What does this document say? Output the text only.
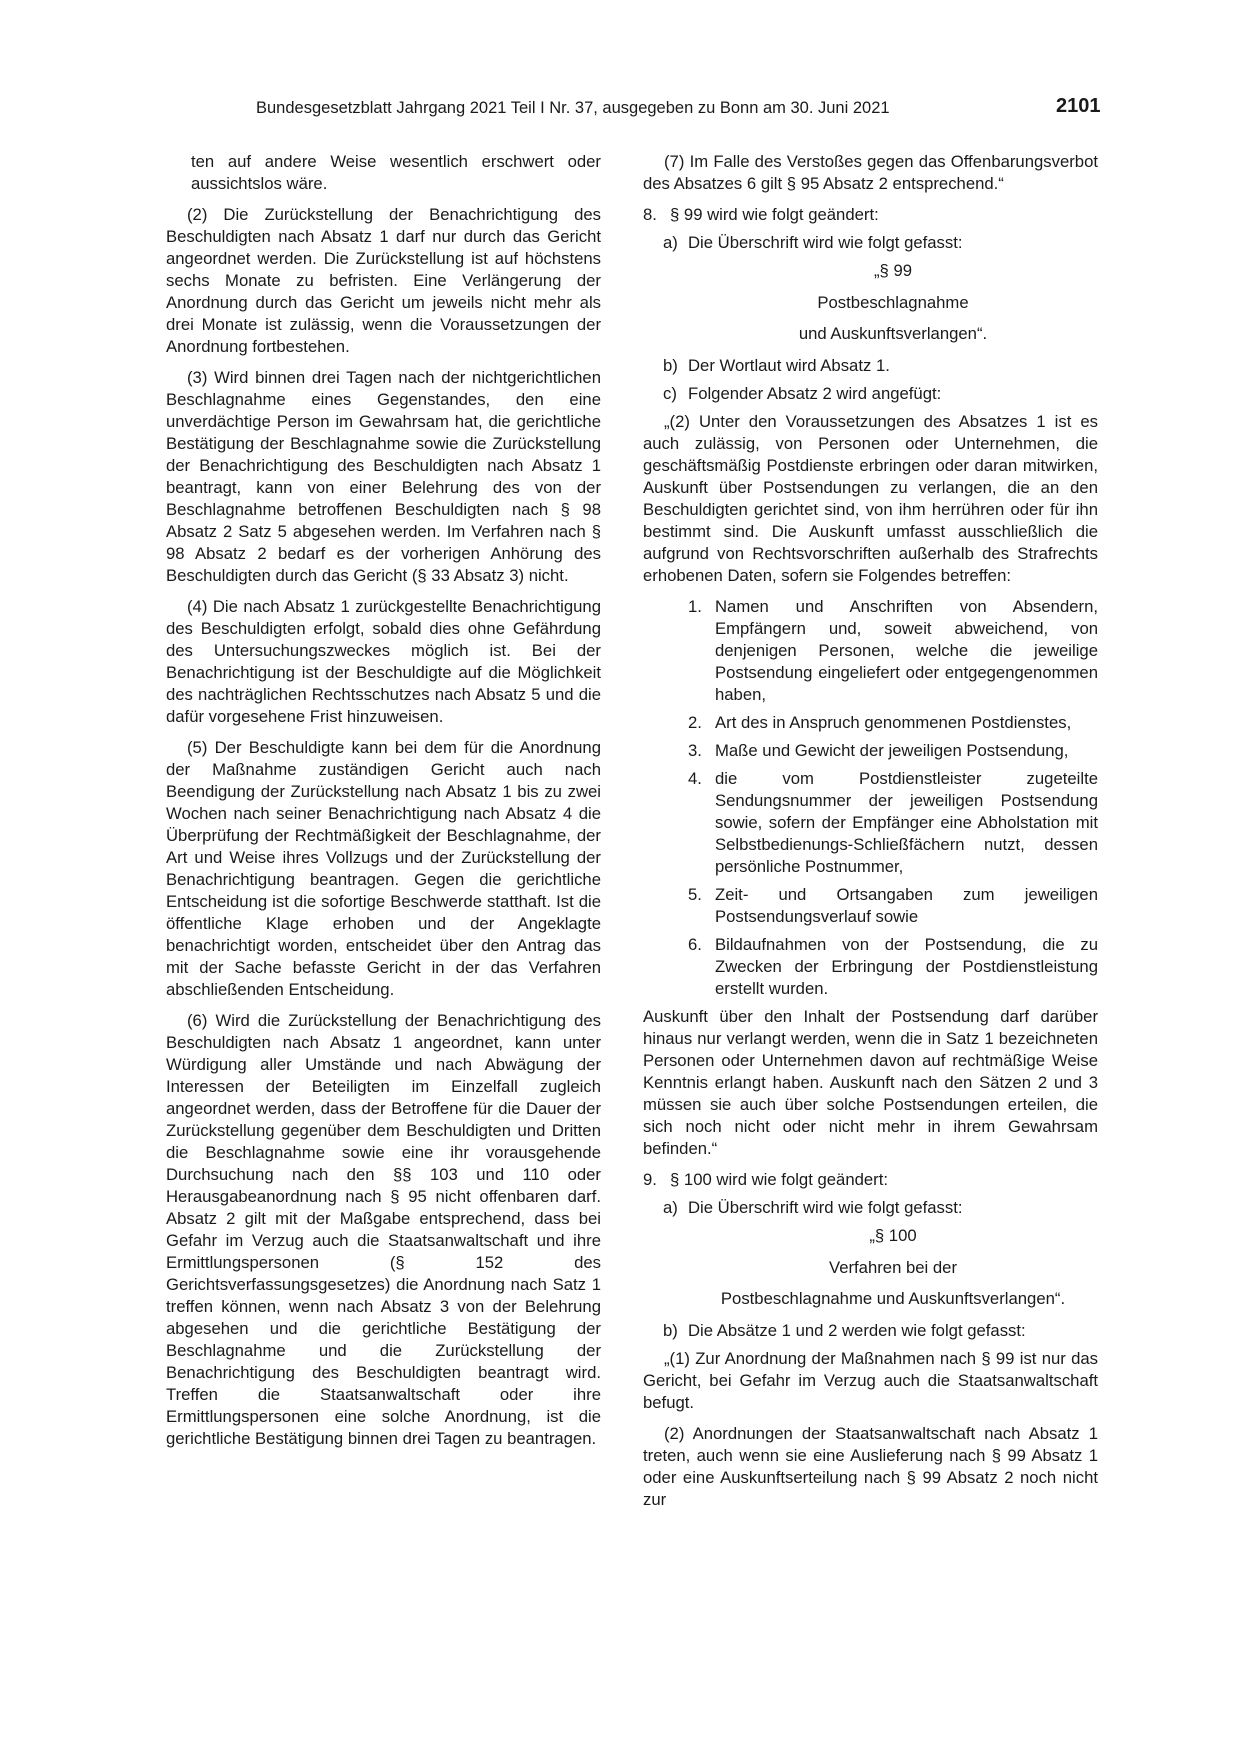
Bundesgesetzblatt Jahrgang 2021 Teil I Nr. 37, ausgegeben zu Bonn am 30. Juni 2021	2101

ten auf andere Weise wesentlich erschwert oder aussichtslos wäre.

(2) Die Zurückstellung der Benachrichtigung des Beschuldigten nach Absatz 1 darf nur durch das Gericht angeordnet werden. Die Zurückstellung ist auf höchstens sechs Monate zu befristen. Eine Verlängerung der Anordnung durch das Gericht um jeweils nicht mehr als drei Monate ist zulässig, wenn die Voraussetzungen der Anordnung fortbestehen.

(3) Wird binnen drei Tagen nach der nichtgerichtlichen Beschlagnahme eines Gegenstandes, den eine unverdächtige Person im Gewahrsam hat, die gerichtliche Bestätigung der Beschlagnahme sowie die Zurückstellung der Benachrichtigung des Beschuldigten nach Absatz 1 beantragt, kann von einer Belehrung des von der Beschlagnahme betroffenen Beschuldigten nach § 98 Absatz 2 Satz 5 abgesehen werden. Im Verfahren nach § 98 Absatz 2 bedarf es der vorherigen Anhörung des Beschuldigten durch das Gericht (§ 33 Absatz 3) nicht.

(4) Die nach Absatz 1 zurückgestellte Benachrichtigung des Beschuldigten erfolgt, sobald dies ohne Gefährdung des Untersuchungszweckes möglich ist. Bei der Benachrichtigung ist der Beschuldigte auf die Möglichkeit des nachträglichen Rechtsschutzes nach Absatz 5 und die dafür vorgesehene Frist hinzuweisen.

(5) Der Beschuldigte kann bei dem für die Anordnung der Maßnahme zuständigen Gericht auch nach Beendigung der Zurückstellung nach Absatz 1 bis zu zwei Wochen nach seiner Benachrichtigung nach Absatz 4 die Überprüfung der Rechtmäßigkeit der Beschlagnahme, der Art und Weise ihres Vollzugs und der Zurückstellung der Benachrichtigung beantragen. Gegen die gerichtliche Entscheidung ist die sofortige Beschwerde statthaft. Ist die öffentliche Klage erhoben und der Angeklagte benachrichtigt worden, entscheidet über den Antrag das mit der Sache befasste Gericht in der das Verfahren abschließenden Entscheidung.

(6) Wird die Zurückstellung der Benachrichtigung des Beschuldigten nach Absatz 1 angeordnet, kann unter Würdigung aller Umstände und nach Abwägung der Interessen der Beteiligten im Einzelfall zugleich angeordnet werden, dass der Betroffene für die Dauer der Zurückstellung gegenüber dem Beschuldigten und Dritten die Beschlagnahme sowie eine ihr vorausgehende Durchsuchung nach den §§ 103 und 110 oder Herausgabeanordnung nach § 95 nicht offenbaren darf. Absatz 2 gilt mit der Maßgabe entsprechend, dass bei Gefahr im Verzug auch die Staatsanwaltschaft und ihre Ermittlungspersonen (§ 152 des Gerichtsverfassungsgesetzes) die Anordnung nach Satz 1 treffen können, wenn nach Absatz 3 von der Belehrung abgesehen und die gerichtliche Bestätigung der Beschlagnahme und die Zurückstellung der Benachrichtigung des Beschuldigten beantragt wird. Treffen die Staatsanwaltschaft oder ihre Ermittlungspersonen eine solche Anordnung, ist die gerichtliche Bestätigung binnen drei Tagen zu beantragen.

(7) Im Falle des Verstoßes gegen das Offenbarungsverbot des Absatzes 6 gilt § 95 Absatz 2 entsprechend.“

8. § 99 wird wie folgt geändert:
a) Die Überschrift wird wie folgt gefasst:

„§ 99

Postbeschlagnahme

und Auskunftsverlangen“.

b) Der Wortlaut wird Absatz 1.
c) Folgender Absatz 2 wird angefügt:

„(2) Unter den Voraussetzungen des Absatzes 1 ist es auch zulässig, von Personen oder Unternehmen, die geschäftsmäßig Postdienste erbringen oder daran mitwirken, Auskunft über Postsendungen zu verlangen, die an den Beschuldigten gerichtet sind, von ihm herrühren oder für ihn bestimmt sind. Die Auskunft umfasst ausschließlich die aufgrund von Rechtsvorschriften außerhalb des Strafrechts erhobenen Daten, sofern sie Folgendes betreffen:

1. Namen und Anschriften von Absendern, Empfängern und, soweit abweichend, von denjenigen Personen, welche die jeweilige Postsendung eingeliefert oder entgegengenommen haben,
2. Art des in Anspruch genommenen Postdienstes,
3. Maße und Gewicht der jeweiligen Postsendung,
4. die vom Postdienstleister zugeteilte Sendungsnummer der jeweiligen Postsendung sowie, sofern der Empfänger eine Abholstation mit Selbstbedienungs-Schließfächern nutzt, dessen persönliche Postnummer,
5. Zeit- und Ortsangaben zum jeweiligen Postsendungsverlauf sowie
6. Bildaufnahmen von der Postsendung, die zu Zwecken der Erbringung der Postdienstleistung erstellt wurden.

Auskunft über den Inhalt der Postsendung darf darüber hinaus nur verlangt werden, wenn die in Satz 1 bezeichneten Personen oder Unternehmen davon auf rechtmäßige Weise Kenntnis erlangt haben. Auskunft nach den Sätzen 2 und 3 müssen sie auch über solche Postsendungen erteilen, die sich noch nicht oder nicht mehr in ihrem Gewahrsam befinden.“

9. § 100 wird wie folgt geändert:
a) Die Überschrift wird wie folgt gefasst:

„§ 100

Verfahren bei der

Postbeschlagnahme und Auskunftsverlangen“.

b) Die Absätze 1 und 2 werden wie folgt gefasst:

„(1) Zur Anordnung der Maßnahmen nach § 99 ist nur das Gericht, bei Gefahr im Verzug auch die Staatsanwaltschaft befugt.

(2) Anordnungen der Staatsanwaltschaft nach Absatz 1 treten, auch wenn sie eine Auslieferung nach § 99 Absatz 1 oder eine Auskunftserteilung nach § 99 Absatz 2 noch nicht zur
